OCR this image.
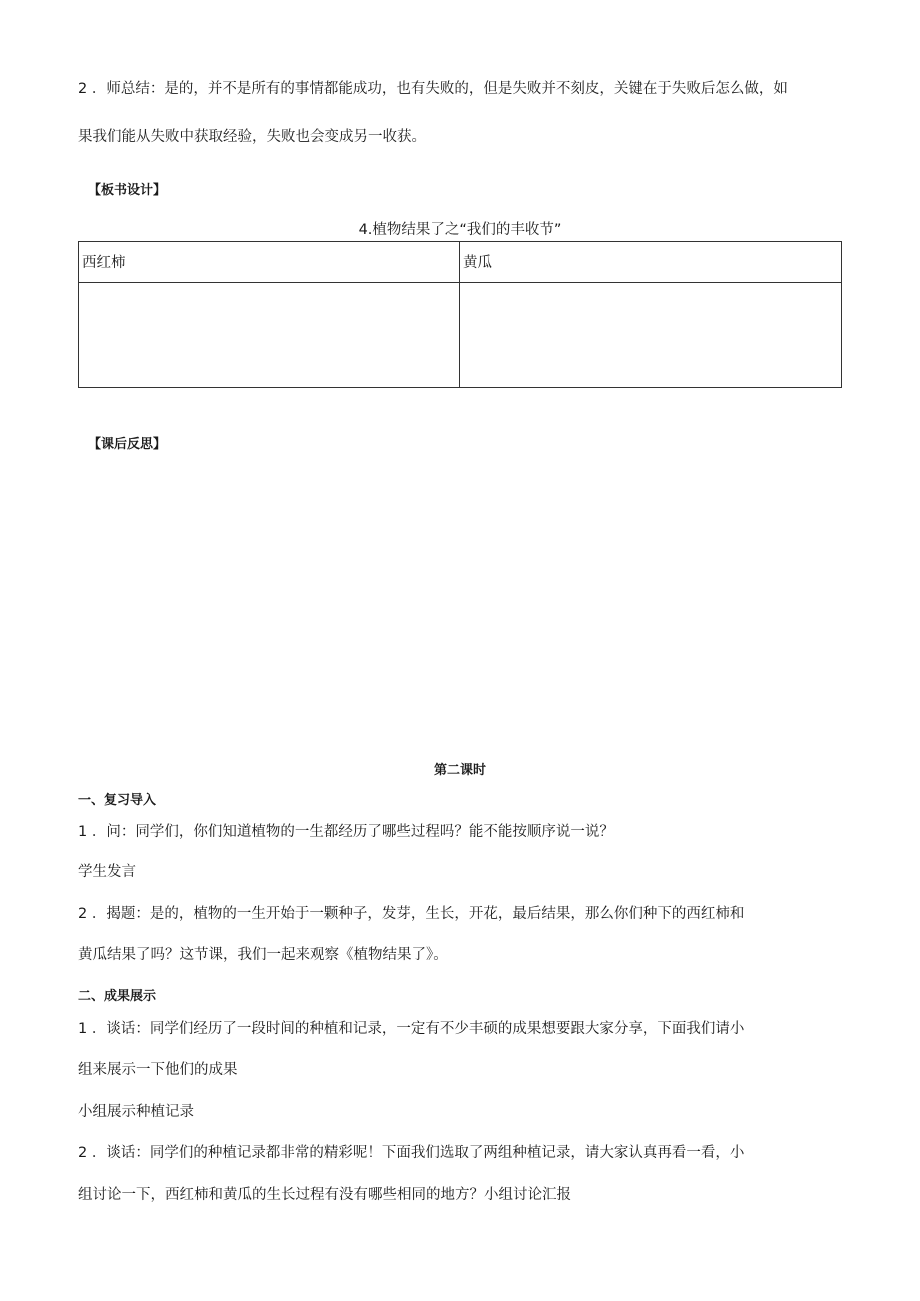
2 ．师总结：是的，并不是所有的事情都能成功，也有失败的，但是失败并不刻皮，关键在于失败后怎么做，如
果我们能从失败中获取经验，失败也会变成另一收获。
【板书设计】
4.植物结果了之“我们的丰收节”
西红柿	黄瓜

【课后反思】
第二课时
一、复习导入
1 ．问：同学们，你们知道植物的一生都经历了哪些过程吗？能不能按顺序说一说？
学生发言
2 ．揭题：是的，植物的一生开始于一颗种子，发芽，生长，开花，最后结果，那么你们种下的西红柿和
黄瓜结果了吗？这节课，我们一起来观察《植物结果了》。
二、成果展示
1 ．谈话：同学们经历了一段时间的种植和记录，一定有不少丰硕的成果想要跟大家分享，下面我们请小
组来展示一下他们的成果
小组展示种植记录
2 ．谈话：同学们的种植记录都非常的精彩呢！下面我们选取了两组种植记录，请大家认真再看一看，小
组讨论一下，西红柿和黄瓜的生长过程有没有哪些相同的地方？小组讨论汇报
